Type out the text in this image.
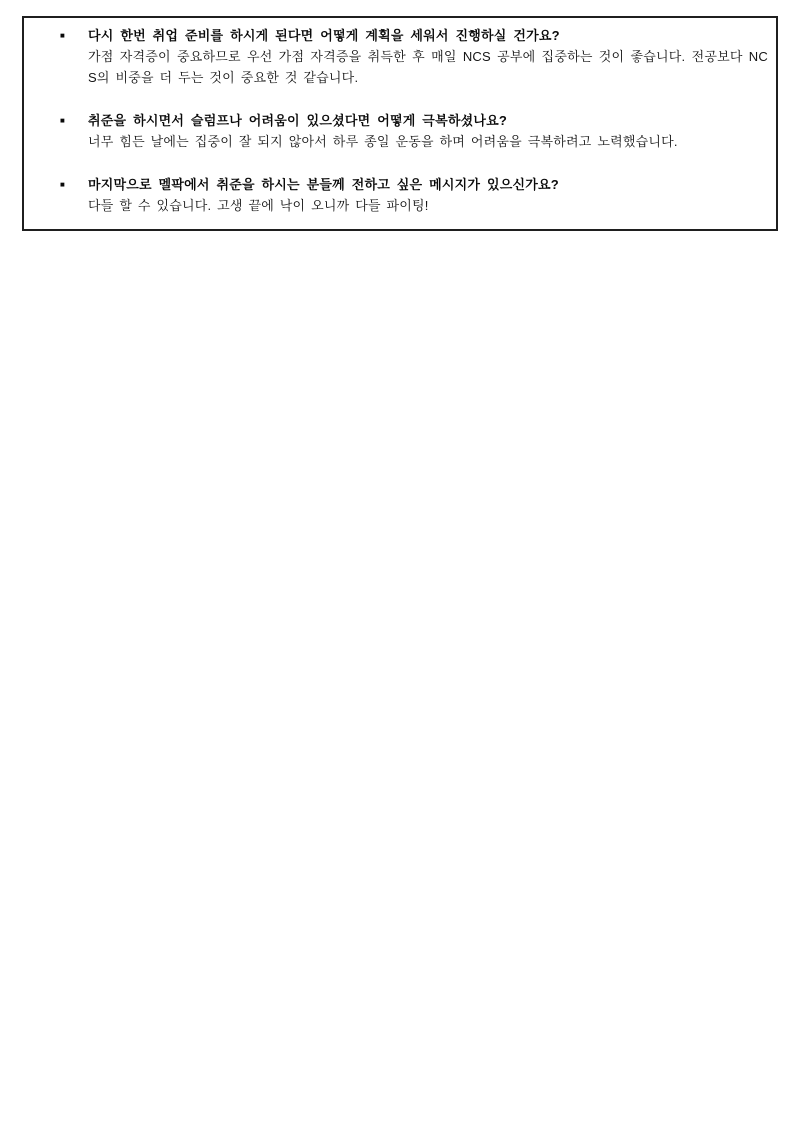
■	다시 한번 취업 준비를 하시게 된다면 어떻게 계획을 세워서 진행하실 건가요?
가점 자격증이 중요하므로 우선 가점 자격증을 취득한 후 매일 NCS 공부에 집중하는 것이 좋습니다. 전공보다 NCS의 비중을 더 두는 것이 중요한 것 같습니다.
■	취준을 하시면서 슬럼프나 어려움이 있으셨다면 어떻게 극복하셨나요?
너무 힘든 날에는 집중이 잘 되지 않아서 하루 종일 운동을 하며 어려움을 극복하려고 노력했습니다.
■	마지막으로 멜팍에서 취준을 하시는 분들께 전하고 싶은 메시지가 있으신가요?
다들 할 수 있습니다. 고생 끝에 낙이 오니까 다들 파이팅!
